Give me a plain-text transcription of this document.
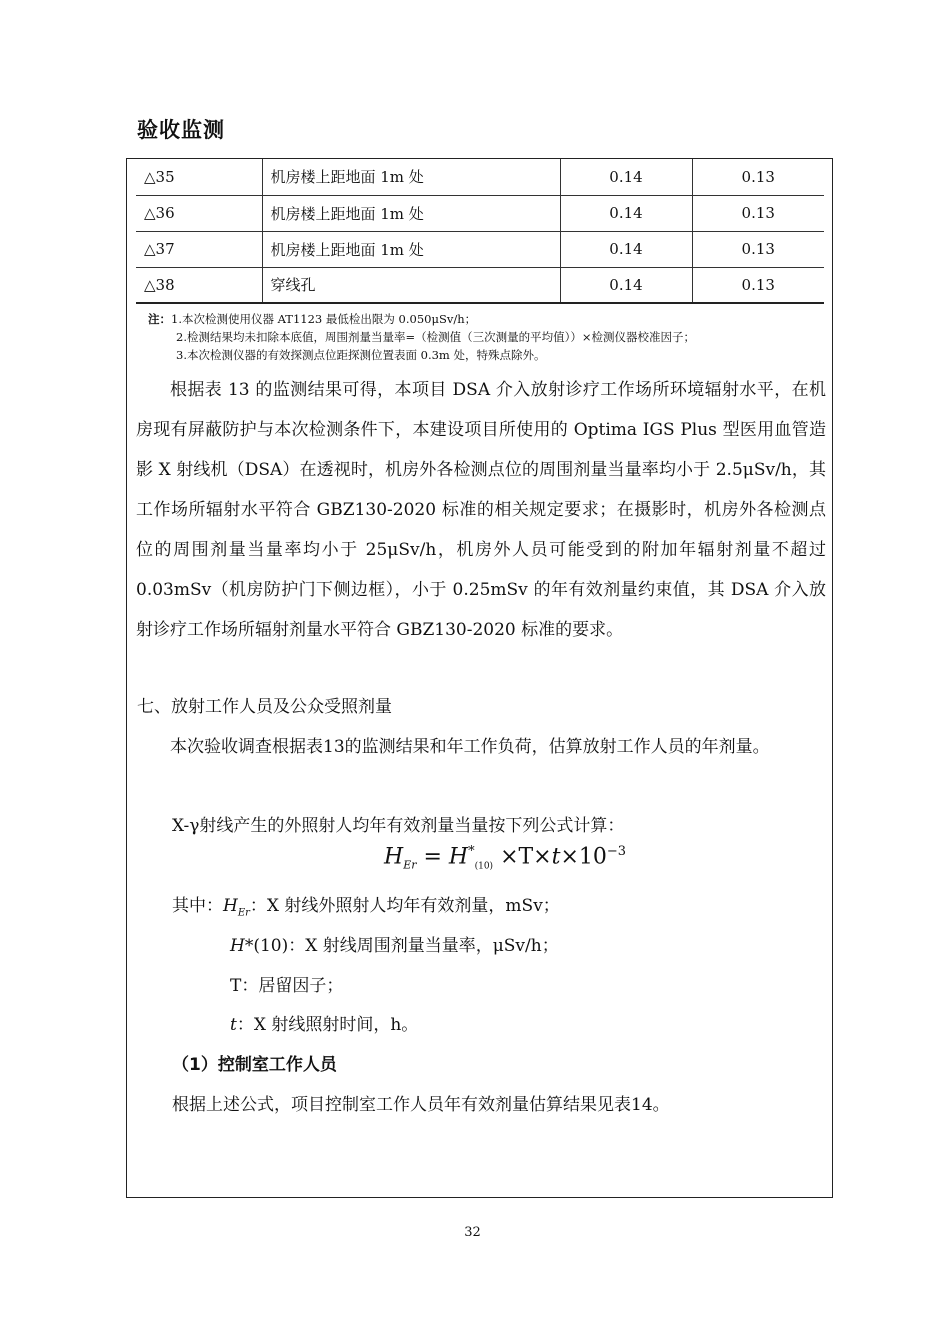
验收监测
△35	机房楼上距地面 1m 处	0.14	0.13
△36	机房楼上距地面 1m 处	0.14	0.13
△37	机房楼上距地面 1m 处	0.14	0.13
△38	穿线孔	0.14	0.13
注：1.本次检测使用仪器 AT1123 最低检出限为 0.050μSv/h；
2.检测结果均未扣除本底值，周围剂量当量率=（检测值（三次测量的平均值））×检测仪器校准因子；
3.本次检测仪器的有效探测点位距探测位置表面 0.3m 处，特殊点除外。
根据表 13 的监测结果可得，本项目 DSA 介入放射诊疗工作场所环境辐射水平，在机房现有屏蔽防护与本次检测条件下，本建设项目所使用的 Optima IGS Plus 型医用血管造影 X 射线机（DSA）在透视时，机房外各检测点位的周围剂量当量率均小于 2.5μSv/h，其工作场所辐射水平符合 GBZ130-2020 标准的相关规定要求；在摄影时，机房外各检测点位的周围剂量当量率均小于 25μSv/h，机房外人员可能受到的附加年辐射剂量不超过 0.03mSv（机房防护门下侧边框），小于 0.25mSv 的年有效剂量约束值，其 DSA 介入放射诊疗工作场所辐射剂量水平符合 GBZ130-2020 标准的要求。
七、放射工作人员及公众受照剂量
本次验收调查根据表13的监测结果和年工作负荷，估算放射工作人员的年剂量。
X-γ射线产生的外照射人均年有效剂量当量按下列公式计算：
$H_{Er} = H^*_{(10)} \times T\times t\times 10^{-3}$
其中：$H_{Er}$：X 射线外照射人均年有效剂量，mSv；
H*(10)：X 射线周围剂量当量率，μSv/h；
T：居留因子；
t：X 射线照射时间，h。
（1）控制室工作人员
根据上述公式，项目控制室工作人员年有效剂量估算结果见表14。
32
